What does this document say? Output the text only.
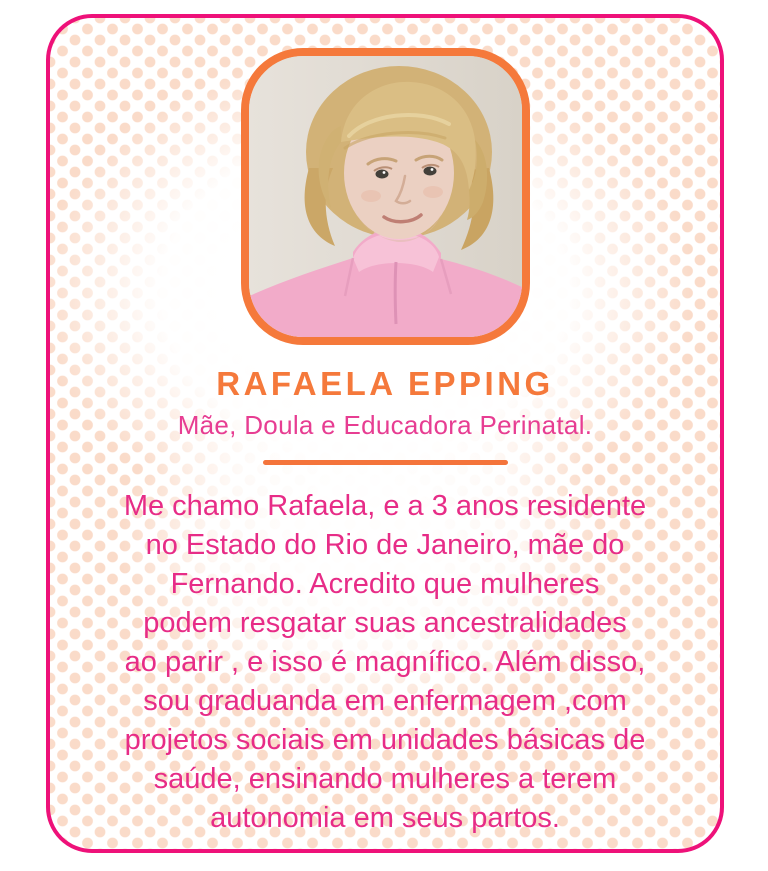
RAFAELA EPPING
Mãe, Doula e Educadora Perinatal.
Me chamo Rafaela, e a 3 anos residente
no Estado do Rio de Janeiro, mãe do
Fernando. Acredito que mulheres
podem resgatar suas ancestralidades
ao parir , e isso é magnífico. Além disso,
sou graduanda em enfermagem ,com
projetos sociais em unidades básicas de
saúde, ensinando mulheres a terem
autonomia em seus partos.
